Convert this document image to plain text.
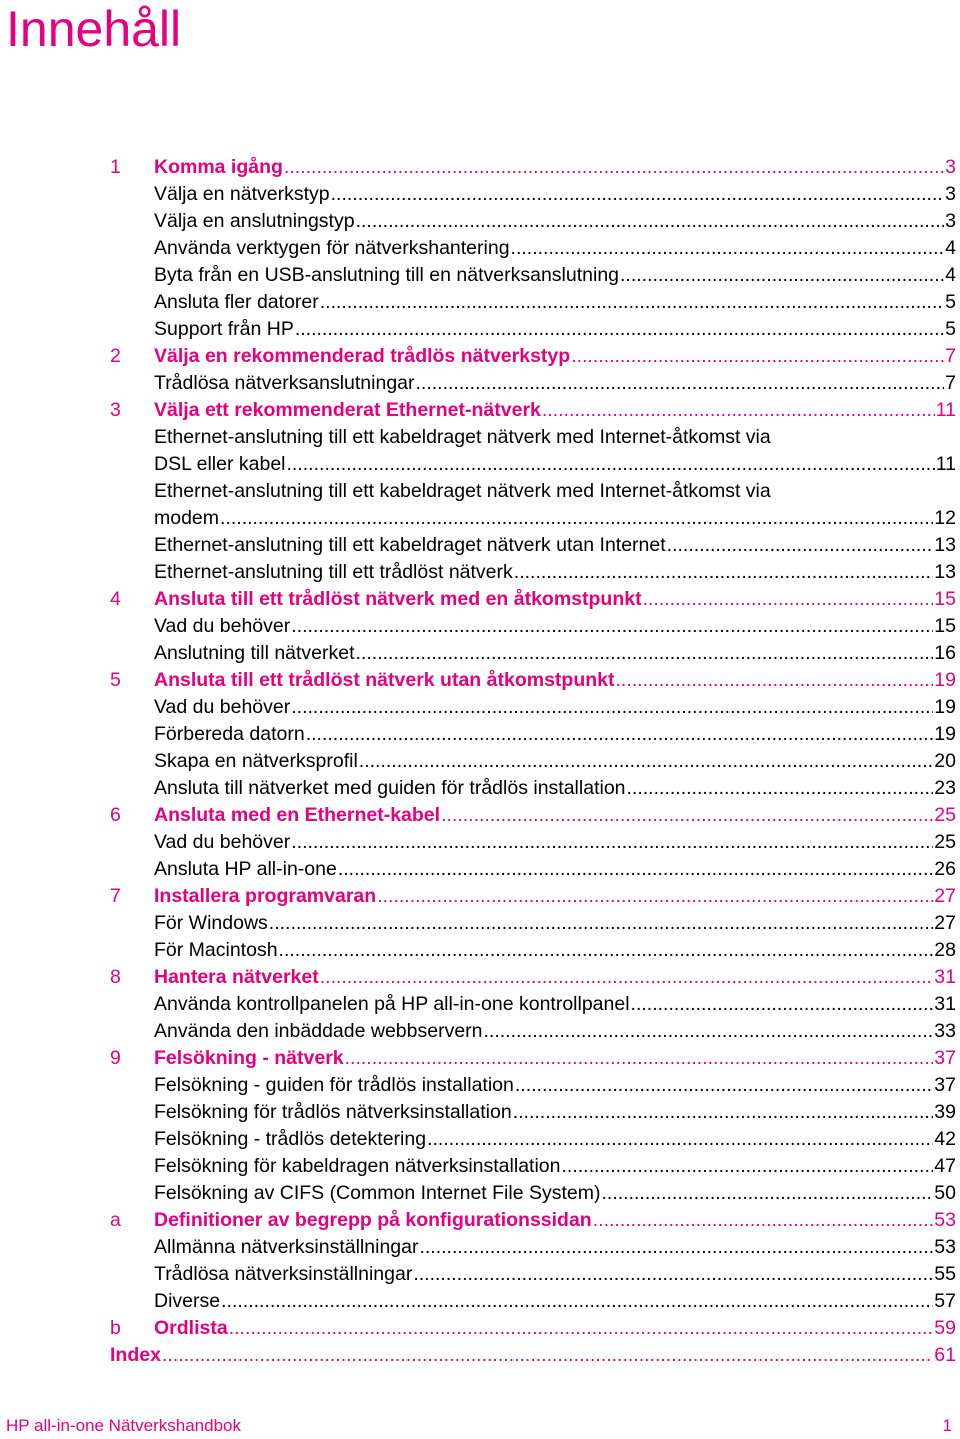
Innehåll
1 Komma igång .....	3
Välja en nätverkstyp .....	3
Välja en anslutningstyp .....	3
Använda verktygen för nätverkshantering .....	4
Byta från en USB-anslutning till en nätverksanslutning .....	4
Ansluta fler datorer .....	5
Support från HP .....	5
2 Välja en rekommenderad trådlös nätverkstyp .....	7
Trådlösa nätverksanslutningar .....	7
3 Välja ett rekommenderat Ethernet-nätverk .....	11
Ethernet-anslutning till ett kabeldraget nätverk med Internet-åtkomst via
DSL eller kabel .....	11
Ethernet-anslutning till ett kabeldraget nätverk med Internet-åtkomst via
modem .....	12
Ethernet-anslutning till ett kabeldraget nätverk utan Internet .....	13
Ethernet-anslutning till ett trådlöst nätverk .....	13
4 Ansluta till ett trådlöst nätverk med en åtkomstpunkt .....	15
Vad du behöver .....	15
Anslutning till nätverket .....	16
5 Ansluta till ett trådlöst nätverk utan åtkomstpunkt .....	19
Vad du behöver .....	19
Förbereda datorn .....	19
Skapa en nätverksprofil .....	20
Ansluta till nätverket med guiden för trådlös installation .....	23
6 Ansluta med en Ethernet-kabel .....	25
Vad du behöver .....	25
Ansluta HP all-in-one .....	26
7 Installera programvaran .....	27
För Windows .....	27
För Macintosh .....	28
8 Hantera nätverket .....	31
Använda kontrollpanelen på HP all-in-one kontrollpanel .....	31
Använda den inbäddade webbservern .....	33
9 Felsökning - nätverk .....	37
Felsökning - guiden för trådlös installation .....	37
Felsökning för trådlös nätverksinstallation .....	39
Felsökning - trådlös detektering .....	42
Felsökning för kabeldragen nätverksinstallation .....	47
Felsökning av CIFS (Common Internet File System) .....	50
a Definitioner av begrepp på konfigurationssidan .....	53
Allmänna nätverksinställningar .....	53
Trådlösa nätverksinställningar .....	55
Diverse .....	57
b Ordlista .....	59
Index .....	61
HP all-in-one Nätverkshandbok	1
